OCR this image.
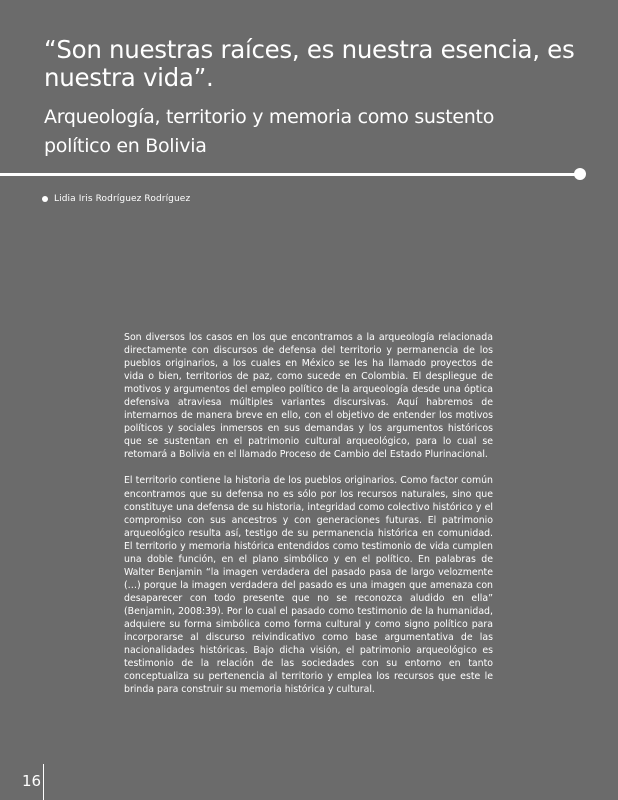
“Son nuestras raíces, es nuestra esencia, es nuestra vida”.
Arqueología, territorio y memoria como sustento político en Bolivia
Lidia Iris Rodríguez Rodríguez

Son diversos los casos en los que encontramos a la arqueología relacionada directamente con discursos de defensa del territorio y permanencia de los pueblos originarios, a los cuales en México se les ha llamado proyectos de vida o bien, territorios de paz, como sucede en Colombia. El despliegue de motivos y argumentos del empleo político de la arqueología desde una óptica defensiva atraviesa múltiples variantes discursivas. Aquí habremos de internarnos de manera breve en ello, con el objetivo de entender los motivos políticos y sociales inmersos en sus demandas y los argumentos históricos que se sustentan en el patrimonio cultural arqueológico, para lo cual se retomará a Bolivia en el llamado Proceso de Cambio del Estado Plurinacional.

El territorio contiene la historia de los pueblos originarios. Como factor común encontramos que su defensa no es sólo por los recursos naturales, sino que constituye una defensa de su historia, integridad como colectivo histórico y el compromiso con sus ancestros y con generaciones futuras. El patrimonio arqueológico resulta así, testigo de su permanencia histórica en comunidad. El territorio y memoria histórica entendidos como testimonio de vida cumplen una doble función, en el plano simbólico y en el político. En palabras de Walter Benjamin “la imagen verdadera del pasado pasa de largo velozmente (…) porque la imagen verdadera del pasado es una imagen que amenaza con desaparecer con todo presente que no se reconozca aludido en ella” (Benjamin, 2008:39). Por lo cual el pasado como testimonio de la humanidad, adquiere su forma simbólica como forma cultural y como signo político para incorporarse al discurso reivindicativo como base argumentativa de las nacionalidades históricas. Bajo dicha visión, el patrimonio arqueológico es testimonio de la relación de las sociedades con su entorno en tanto conceptualiza su pertenencia al territorio y emplea los recursos que este le brinda para construir su memoria histórica y cultural.

16
